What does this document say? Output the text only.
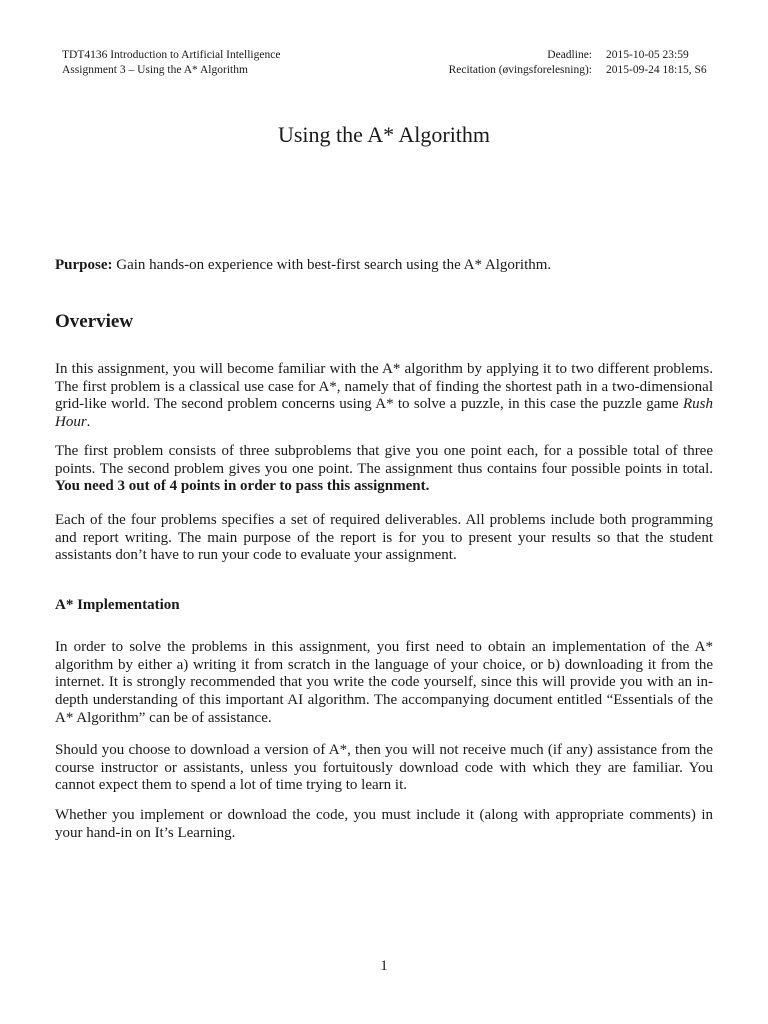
TDT4136 Introduction to Artificial Intelligence
Assignment 3 – Using the A* Algorithm
Deadline:	2015-10-05 23:59
Recitation (øvingsforelesning):	2015-09-24 18:15, S6
Using the A* Algorithm
Purpose: Gain hands-on experience with best-first search using the A* Algorithm.
Overview
In this assignment, you will become familiar with the A* algorithm by applying it to two different problems. The first problem is a classical use case for A*, namely that of finding the shortest path in a two-dimensional grid-like world. The second problem concerns using A* to solve a puzzle, in this case the puzzle game Rush Hour.
The first problem consists of three subproblems that give you one point each, for a possible total of three points. The second problem gives you one point. The assignment thus contains four possible points in total. You need 3 out of 4 points in order to pass this assignment.
Each of the four problems specifies a set of required deliverables. All problems include both programming and report writing. The main purpose of the report is for you to present your results so that the student assistants don’t have to run your code to evaluate your assignment.
A* Implementation
In order to solve the problems in this assignment, you first need to obtain an implementation of the A* algorithm by either a) writing it from scratch in the language of your choice, or b) downloading it from the internet. It is strongly recommended that you write the code yourself, since this will provide you with an in-depth understanding of this important AI algorithm. The accompanying document entitled “Essentials of the A* Algorithm” can be of assistance.
Should you choose to download a version of A*, then you will not receive much (if any) assistance from the course instructor or assistants, unless you fortuitously download code with which they are familiar. You cannot expect them to spend a lot of time trying to learn it.
Whether you implement or download the code, you must include it (along with appropriate comments) in your hand-in on It’s Learning.
1
